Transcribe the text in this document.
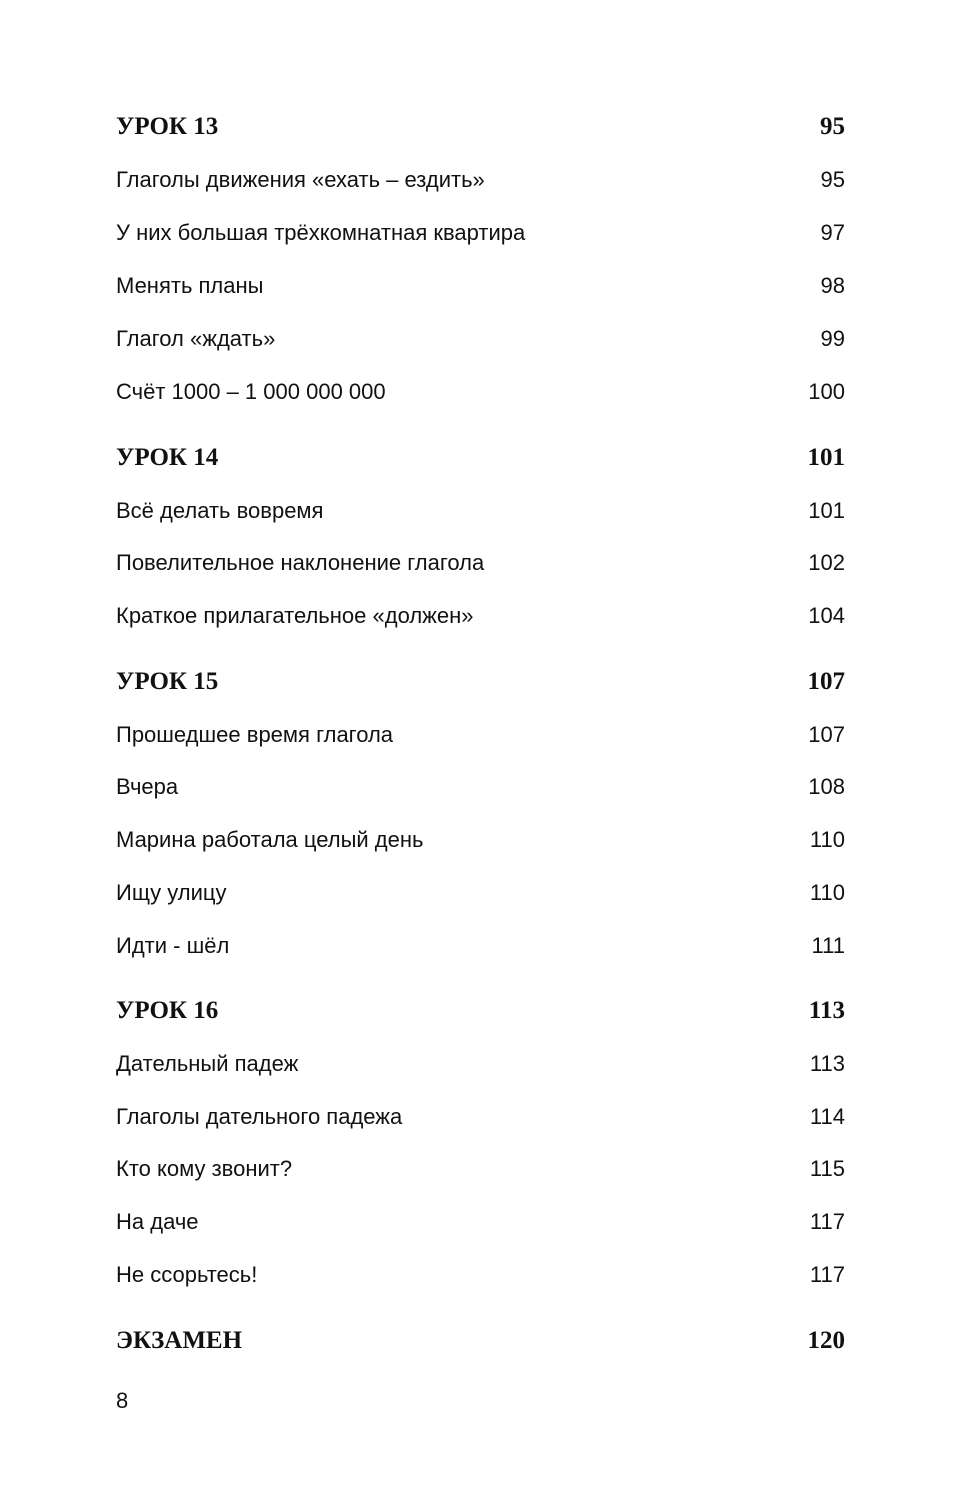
УРОК 13	95
Глаголы движения «ехать – ездить»	95
У них большая трёхкомнатная квартира	97
Менять планы	98
Глагол «ждать»	99
Счёт 1000 – 1 000 000 000	100
УРОК 14	101
Всё делать вовремя	101
Повелительное наклонение глагола	102
Краткое прилагательное «должен»	104
УРОК 15	107
Прошедшее время глагола	107
Вчера	108
Марина работала целый день	110
Ищу улицу	110
Идти - шёл	111
УРОК 16	113
Дательный падеж	113
Глаголы дательного падежа	114
Кто кому звонит?	115
На даче	117
Не ссорьтесь!	117
ЭКЗАМЕН	120
8
